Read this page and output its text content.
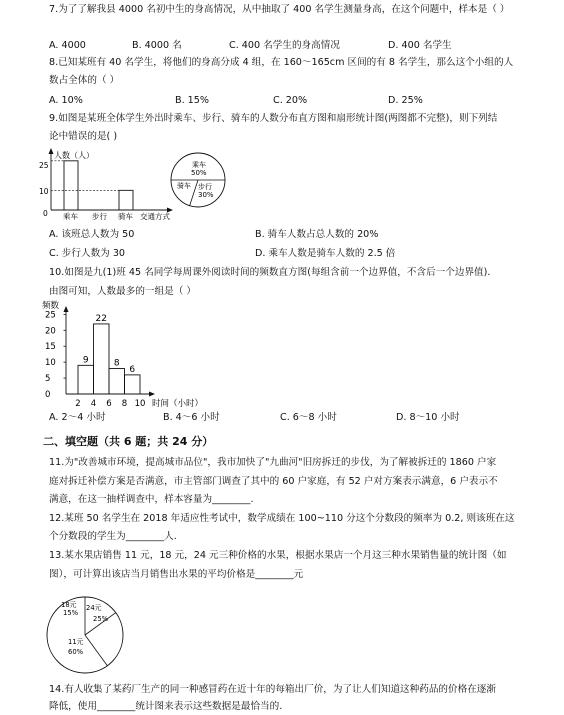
7.为了了解我县 4000 名初中生的身高情况，从中抽取了 400 名学生测量身高，在这个问题中，样本是（ ）
A. 4000	B. 4000 名	C. 400 名学生的身高情况	D. 400 名学生
8.已知某班有 40 名学生，将他们的身高分成 4 组，在 160～165cm 区间的有 8 名学生，那么这个小组的人
数占全体的（ ）
A. 10%	B. 15%	C. 20%	D. 25%
9.如图是某班全体学生外出时乘车、步行、骑车的人数分布直方图和扇形统计图(两图都不完整)，则下列结
论中错误的是( )
人数（人）
25
10
0 乘车 步行 骑车 交通方式
乘车
50%
步行
30%
骑车
A. 该班总人数为 50	B. 骑车人数占总人数的 20%
C. 步行人数为 30	D. 乘车人数是骑车人数的 2.5 倍
10.如图是九(1)班 45 名同学每周课外阅读时间的频数直方图(每组含前一个边界值，不含后一个边界值)．
由图可知，人数最多的一组是（ ）
频数
25
20
15
10
5
0
9
22
8
6
2 4 6 8 10 时间（小时）
A. 2～4 小时	B. 4～6 小时	C. 6～8 小时	D. 8～10 小时
二、填空题（共 6 题；共 24 分）
11.为"改善城市环境，提高城市品位"，我市加快了"九曲河"旧房拆迁的步伐，为了解被拆迁的 1860 户家
庭对拆迁补偿方案是否满意，市主管部门调查了其中的 60 户家庭，有 52 户对方案表示满意，6 户表示不
满意，在这一抽样调查中，样本容量为________.
12.某班 50 名学生在 2018 年适应性考试中，数学成绩在 100~110 分这个分数段的频率为 0.2, 则该班在这
个分数段的学生为________人.
13.某水果店销售 11 元，18 元，24 元三种价格的水果，根据水果店一个月这三种水果销售量的统计图（如
图），可计算出该店当月销售出水果的平均价格是________元
18元
15%
24元
25%
11元
60%
14.有人收集了某药厂生产的同一种感冒药在近十年的每箱出厂价，为了让人们知道这种药品的价格在逐渐
降低，使用________统计图来表示这些数据是最恰当的.
